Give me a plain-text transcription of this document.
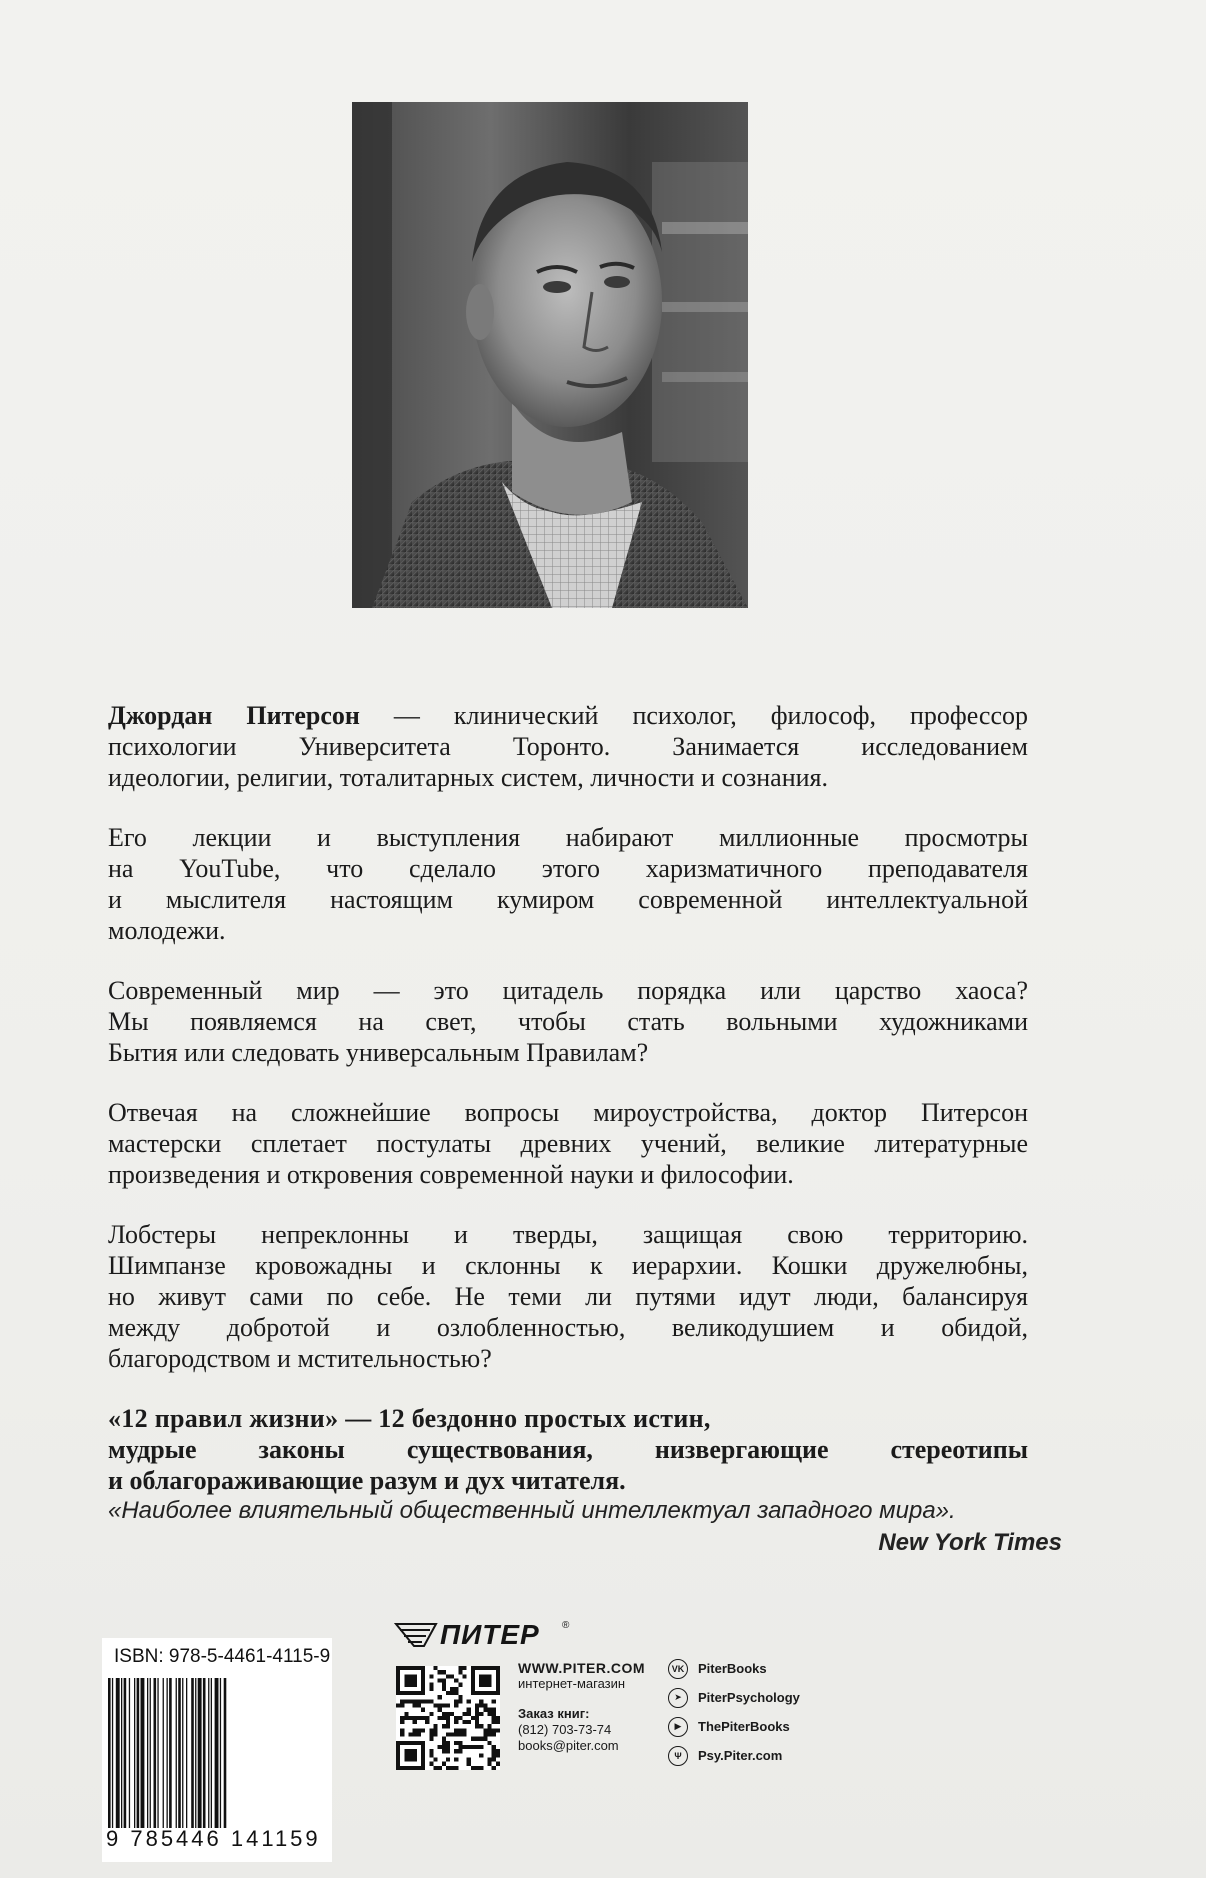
Джордан Питерсон — клинический психолог, философ, профессор
психологии Университета Торонто. Занимается исследованием
идеологии, религии, тоталитарных систем, личности и сознания.

Его лекции и выступления набирают миллионные просмотры
на YouTube, что сделало этого харизматичного преподавателя
и мыслителя настоящим кумиром современной интеллектуальной
молодежи.

Современный мир — это цитадель порядка или царство хаоса?
Мы появляемся на свет, чтобы стать вольными художниками
Бытия или следовать универсальным Правилам?

Отвечая на сложнейшие вопросы мироустройства, доктор Питерсон
мастерски сплетает постулаты древних учений, великие литературные
произведения и откровения современной науки и философии.

Лобстеры непреклонны и тверды, защищая свою территорию.
Шимпанзе кровожадны и склонны к иерархии. Кошки дружелюбны,
но живут сами по себе. Не теми ли путями идут люди, балансируя
между добротой и озлобленностью, великодушием и обидой,
благородством и мстительностью?

«12 правил жизни» — 12 бездонно простых истин,
мудрые законы существования, низвергающие стереотипы
и облагораживающие разум и дух читателя.

«Наиболее влиятельный общественный интеллектуал западного мира».
New York Times
ISBN: 978-5-4461-4115-9
9 785446 141159
ПИТЕР ®
WWW.PITER.COM
интернет-магазин
Заказ книг:
(812) 703-73-74
books@piter.com
VK PiterBooks
➤	PiterPsychology
▶	ThePiterBooks
Ψ	Psy.Piter.com
